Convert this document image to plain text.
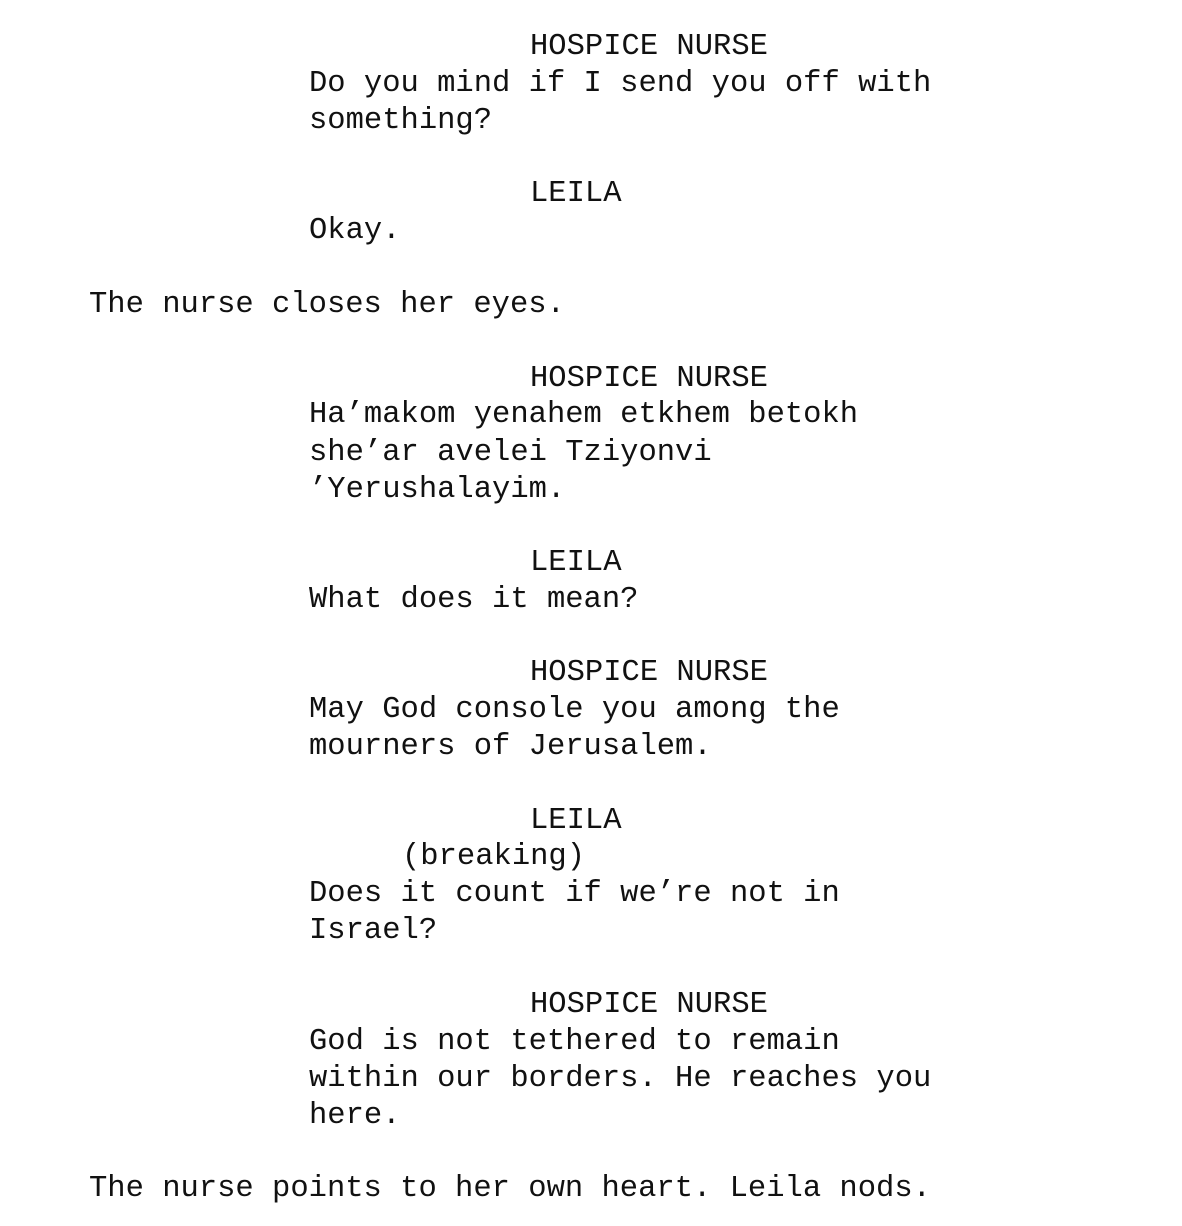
HOSPICE NURSE
Do you mind if I send you off with
something?
LEILA
Okay.
The nurse closes her eyes.
HOSPICE NURSE
Ha’makom yenahem etkhem betokh
she’ar avelei Tziyonvi
’Yerushalayim.
LEILA
What does it mean?
HOSPICE NURSE
May God console you among the
mourners of Jerusalem.
LEILA
(breaking)
Does it count if we’re not in
Israel?
HOSPICE NURSE
God is not tethered to remain
within our borders. He reaches you
here.
The nurse points to her own heart. Leila nods.
